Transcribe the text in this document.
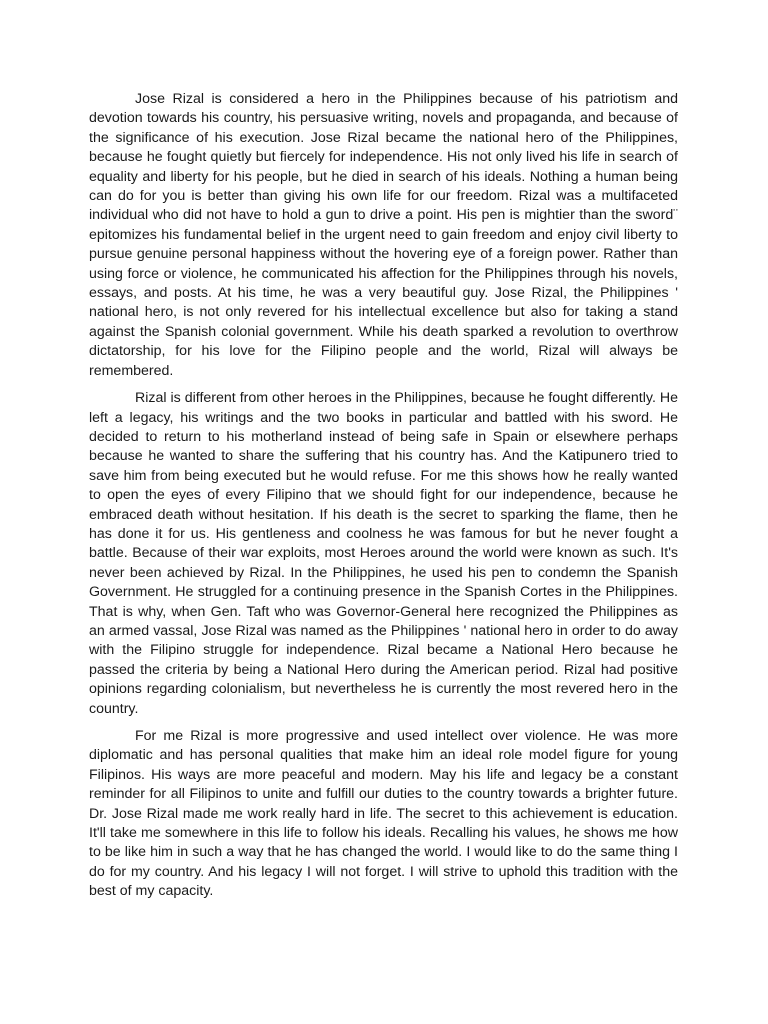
Jose Rizal is considered a hero in the Philippines because of his patriotism and devotion towards his country, his persuasive writing, novels and propaganda, and because of the significance of his execution. Jose Rizal became the national hero of the Philippines, because he fought quietly but fiercely for independence. His not only lived his life in search of equality and liberty for his people, but he died in search of his ideals. Nothing a human being can do for you is better than giving his own life for our freedom. Rizal was a multifaceted individual who did not have to hold a gun to drive a point. His pen is mightier than the sword¨ epitomizes his fundamental belief in the urgent need to gain freedom and enjoy civil liberty to pursue genuine personal happiness without the hovering eye of a foreign power. Rather than using force or violence, he communicated his affection for the Philippines through his novels, essays, and posts. At his time, he was a very beautiful guy. Jose Rizal, the Philippines ' national hero, is not only revered for his intellectual excellence but also for taking a stand against the Spanish colonial government. While his death sparked a revolution to overthrow dictatorship, for his love for the Filipino people and the world, Rizal will always be remembered.

Rizal is different from other heroes in the Philippines, because he fought differently. He left a legacy, his writings and the two books in particular and battled with his sword. He decided to return to his motherland instead of being safe in Spain or elsewhere perhaps because he wanted to share the suffering that his country has. And the Katipunero tried to save him from being executed but he would refuse. For me this shows how he really wanted to open the eyes of every Filipino that we should fight for our independence, because he embraced death without hesitation. If his death is the secret to sparking the flame, then he has done it for us. His gentleness and coolness he was famous for but he never fought a battle. Because of their war exploits, most Heroes around the world were known as such. It's never been achieved by Rizal. In the Philippines, he used his pen to condemn the Spanish Government. He struggled for a continuing presence in the Spanish Cortes in the Philippines. That is why, when Gen. Taft who was Governor-General here recognized the Philippines as an armed vassal, Jose Rizal was named as the Philippines ' national hero in order to do away with the Filipino struggle for independence. Rizal became a National Hero because he passed the criteria by being a National Hero during the American period. Rizal had positive opinions regarding colonialism, but nevertheless he is currently the most revered hero in the country.

For me Rizal is more progressive and used intellect over violence. He was more diplomatic and has personal qualities that make him an ideal role model figure for young Filipinos. His ways are more peaceful and modern. May his life and legacy be a constant reminder for all Filipinos to unite and fulfill our duties to the country towards a brighter future. Dr. Jose Rizal made me work really hard in life. The secret to this achievement is education. It'll take me somewhere in this life to follow his ideals. Recalling his values, he shows me how to be like him in such a way that he has changed the world. I would like to do the same thing I do for my country. And his legacy I will not forget. I will strive to uphold this tradition with the best of my capacity.
